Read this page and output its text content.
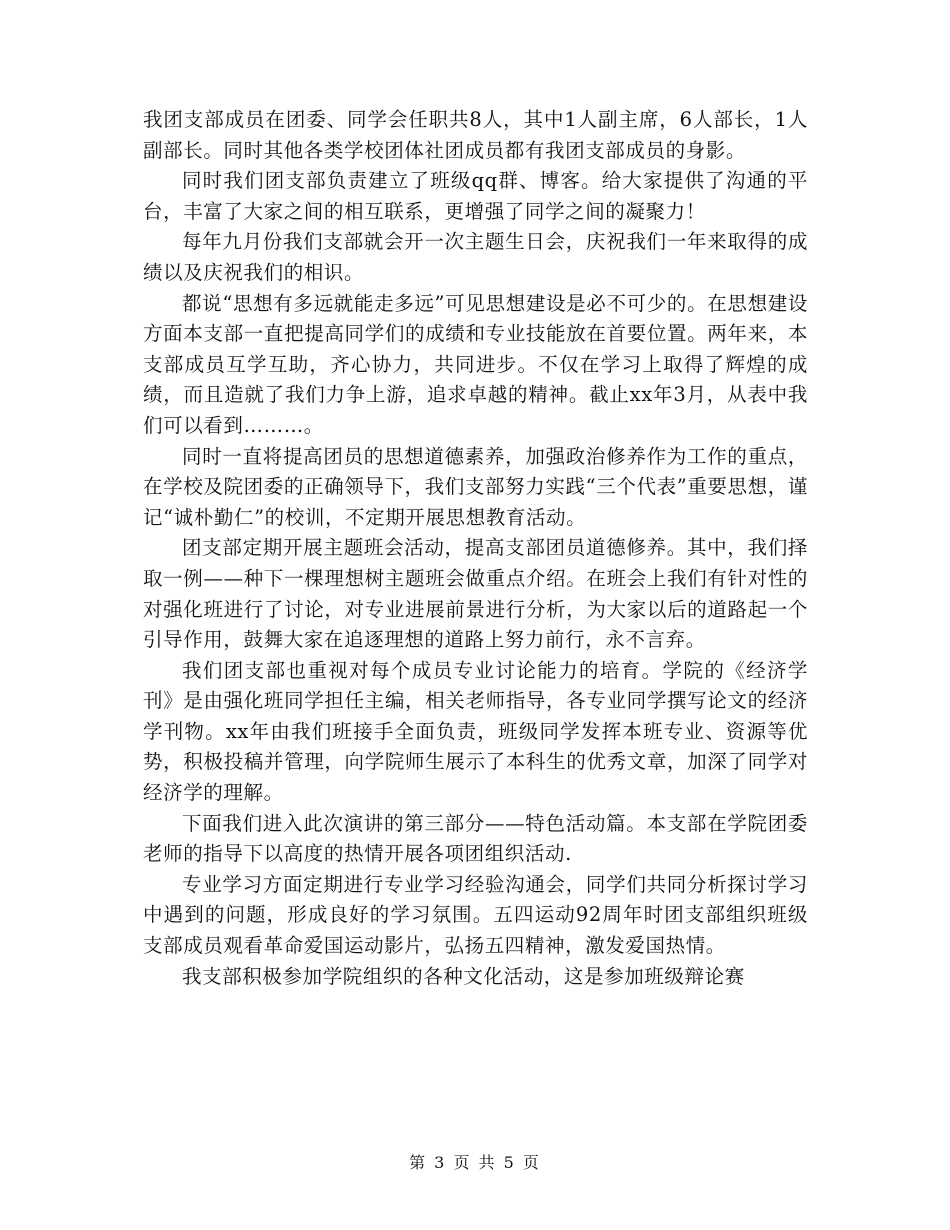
我团支部成员在团委、同学会任职共8人，其中1人副主席，6人部长，1人副部长。同时其他各类学校团体社团成员都有我团支部成员的身影。

同时我们团支部负责建立了班级qq群、博客。给大家提供了沟通的平台，丰富了大家之间的相互联系，更增强了同学之间的凝聚力！

每年九月份我们支部就会开一次主题生日会，庆祝我们一年来取得的成绩以及庆祝我们的相识。

都说“思想有多远就能走多远”可见思想建设是必不可少的。在思想建设方面本支部一直把提高同学们的成绩和专业技能放在首要位置。两年来，本支部成员互学互助，齐心协力，共同进步。不仅在学习上取得了辉煌的成绩，而且造就了我们力争上游，追求卓越的精神。截止xx年3月，从表中我们可以看到………。

同时一直将提高团员的思想道德素养，加强政治修养作为工作的重点，在学校及院团委的正确领导下，我们支部努力实践“三个代表”重要思想，谨记“诚朴勤仁”的校训，不定期开展思想教育活动。

团支部定期开展主题班会活动，提高支部团员道德修养。其中，我们择取一例——种下一棵理想树主题班会做重点介绍。在班会上我们有针对性的对强化班进行了讨论，对专业进展前景进行分析，为大家以后的道路起一个引导作用，鼓舞大家在追逐理想的道路上努力前行，永不言弃。

我们团支部也重视对每个成员专业讨论能力的培育。学院的《经济学刊》是由强化班同学担任主编，相关老师指导，各专业同学撰写论文的经济学刊物。xx年由我们班接手全面负责，班级同学发挥本班专业、资源等优势，积极投稿并管理，向学院师生展示了本科生的优秀文章，加深了同学对经济学的理解。

下面我们进入此次演讲的第三部分——特色活动篇。本支部在学院团委老师的指导下以高度的热情开展各项团组织活动.

专业学习方面定期进行专业学习经验沟通会，同学们共同分析探讨学习中遇到的问题，形成良好的学习氛围。五四运动92周年时团支部组织班级支部成员观看革命爱国运动影片，弘扬五四精神，激发爱国热情。

我支部积极参加学院组织的各种文化活动，这是参加班级辩论赛

第 3 页 共 5 页
